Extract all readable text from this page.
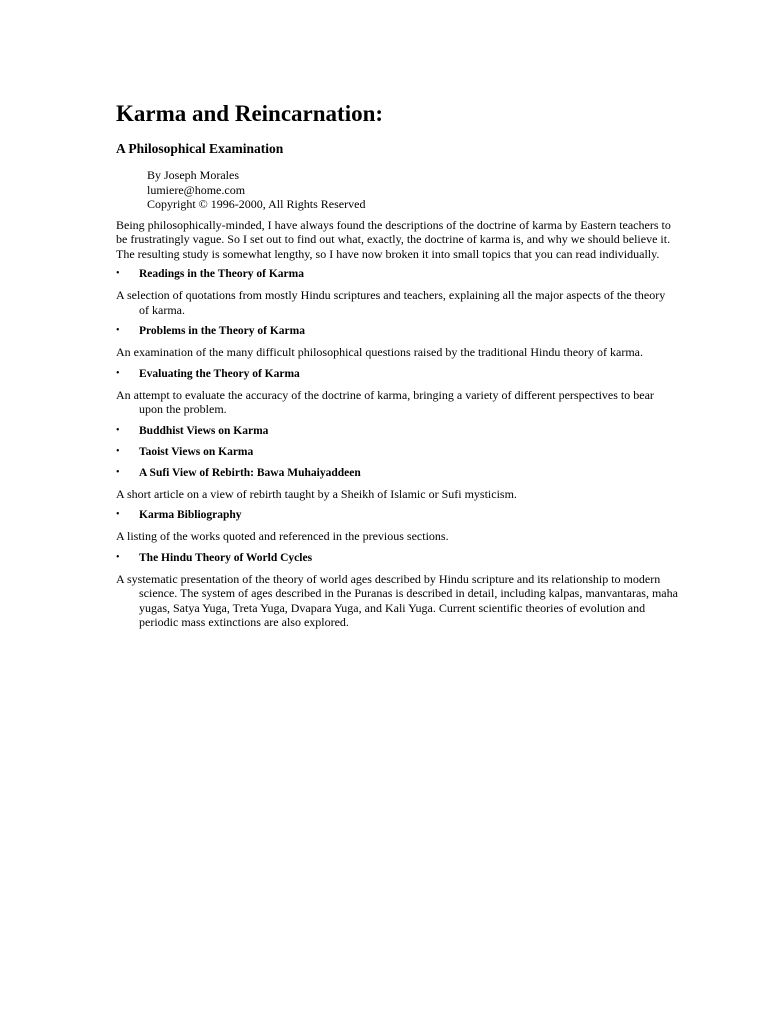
Karma and Reincarnation:
A Philosophical Examination
By Joseph Morales
lumiere@home.com
Copyright © 1996-2000, All Rights Reserved

Being philosophically-minded, I have always found the descriptions of the doctrine of karma by Eastern teachers to be frustratingly vague. So I set out to find out what, exactly, the doctrine of karma is, and why we should believe it. The resulting study is somewhat lengthy, so I have now broken it into small topics that you can read individually.

• Readings in the Theory of Karma

A selection of quotations from mostly Hindu scriptures and teachers, explaining all the major aspects of the theory of karma.

• Problems in the Theory of Karma

An examination of the many difficult philosophical questions raised by the traditional Hindu theory of karma.

• Evaluating the Theory of Karma

An attempt to evaluate the accuracy of the doctrine of karma, bringing a variety of different perspectives to bear upon the problem.

• Buddhist Views on Karma
• Taoist Views on Karma
• A Sufi View of Rebirth: Bawa Muhaiyaddeen

A short article on a view of rebirth taught by a Sheikh of Islamic or Sufi mysticism.

• Karma Bibliography

A listing of the works quoted and referenced in the previous sections.

• The Hindu Theory of World Cycles

A systematic presentation of the theory of world ages described by Hindu scripture and its relationship to modern science. The system of ages described in the Puranas is described in detail, including kalpas, manvantaras, maha yugas, Satya Yuga, Treta Yuga, Dvapara Yuga, and Kali Yuga. Current scientific theories of evolution and periodic mass extinctions are also explored.
